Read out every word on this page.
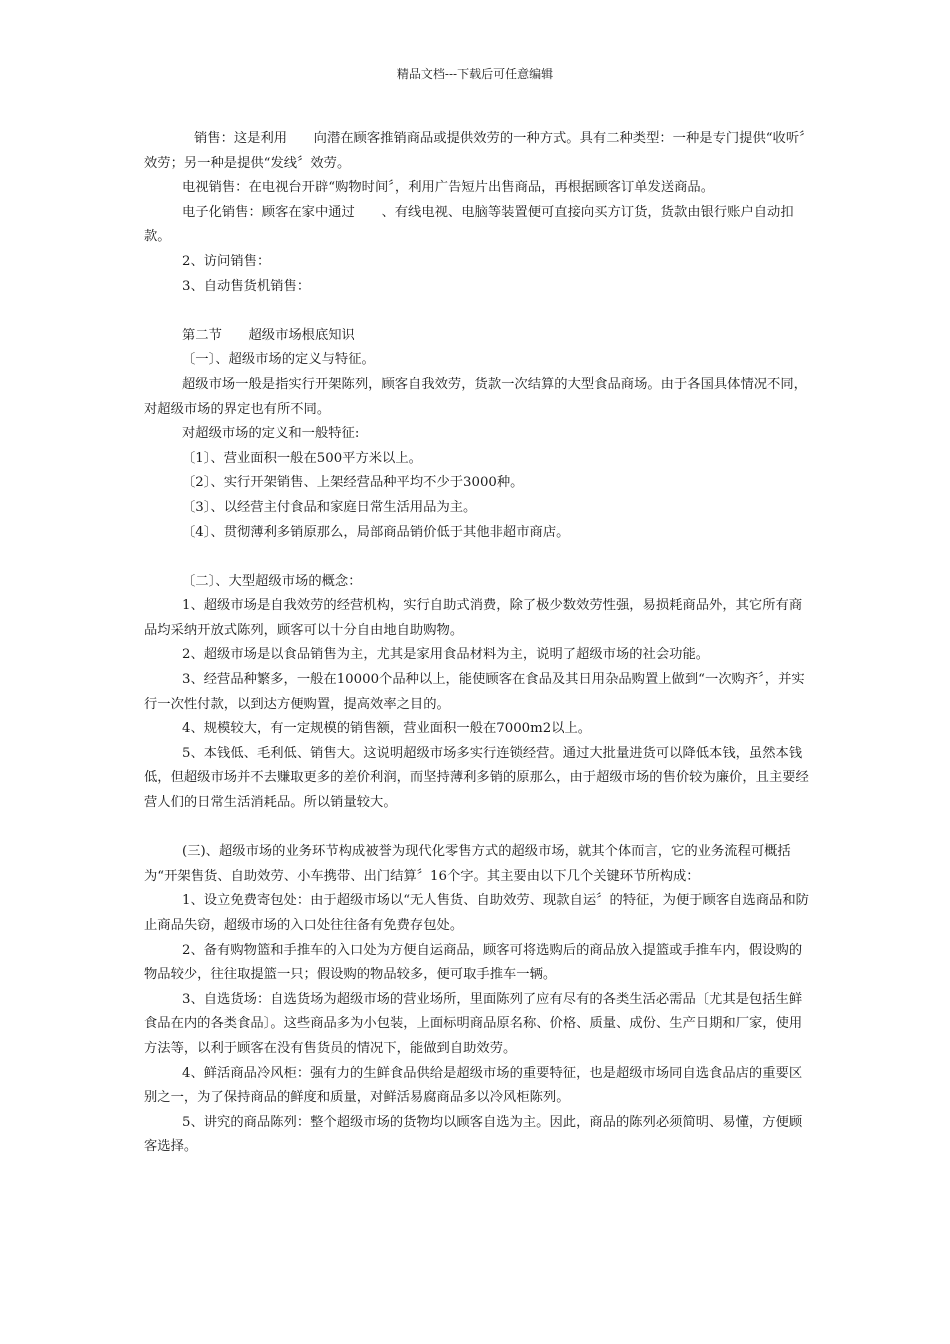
精品文档---下载后可任意编辑

销售：这是利用　　向潜在顾客推销商品或提供效劳的一种方式。具有二种类型：一种是专门提供“收听〞效劳；另一种是提供“发线〞效劳。

电视销售：在电视台开辟“购物时间〞，利用广告短片出售商品，再根据顾客订单发送商品。

电子化销售：顾客在家中通过　　、有线电视、电脑等装置便可直接向买方订货，货款由银行账户自动扣款。

2、访问销售：

3、自动售货机销售：

第二节　　超级市场根底知识

〔一〕、超级市场的定义与特征。

超级市场一般是指实行开架陈列，顾客自我效劳，货款一次结算的大型食品商场。由于各国具体情况不同，对超级市场的界定也有所不同。

对超级市场的定义和一般特征:

〔1〕、营业面积一般在500平方米以上。

〔2〕、实行开架销售、上架经营品种平均不少于3000种。

〔3〕、以经营主付食品和家庭日常生活用品为主。

〔4〕、贯彻薄利多销原那么，局部商品销价低于其他非超市商店。

〔二〕、大型超级市场的概念：

1、超级市场是自我效劳的经营机构，实行自助式消费，除了极少数效劳性强，易损耗商品外，其它所有商品均采纳开放式陈列，顾客可以十分自由地自助购物。

2、超级市场是以食品销售为主，尤其是家用食品材料为主，说明了超级市场的社会功能。

3、经营品种繁多，一般在10000个品种以上，能使顾客在食品及其日用杂品购置上做到“一次购齐〞，并实行一次性付款，以到达方便购置，提高效率之目的。

4、规模较大，有一定规模的销售额，营业面积一般在7000m2以上。

5、本钱低、毛利低、销售大。这说明超级市场多实行连锁经营。通过大批量进货可以降低本钱，虽然本钱低，但超级市场并不去赚取更多的差价利润，而坚持薄利多销的原那么，由于超级市场的售价较为廉价，且主要经营人们的日常生活消耗品。所以销量较大。

(三)、超级市场的业务环节构成被誉为现代化零售方式的超级市场，就其个体而言，它的业务流程可概括为“开架售货、自助效劳、小车携带、出门结算〞16个字。其主要由以下几个关键环节所构成：

1、设立免费寄包处：由于超级市场以“无人售货、自助效劳、现款自运〞的特征，为便于顾客自选商品和防止商品失窃，超级市场的入口处往往备有免费存包处。

2、备有购物篮和手推车的入口处为方便自运商品，顾客可将选购后的商品放入提篮或手推车内，假设购的物品较少，往往取提篮一只；假设购的物品较多，便可取手推车一辆。

3、自选货场：自选货场为超级市场的营业场所，里面陈列了应有尽有的各类生活必需品〔尤其是包括生鲜食品在内的各类食品〕。这些商品多为小包装，上面标明商品原名称、价格、质量、成份、生产日期和厂家，使用方法等，以利于顾客在没有售货员的情况下，能做到自助效劳。

4、鲜活商品冷风柜：强有力的生鲜食品供给是超级市场的重要特征，也是超级市场同自选食品店的重要区别之一，为了保持商品的鲜度和质量，对鲜活易腐商品多以冷风柜陈列。

5、讲究的商品陈列：整个超级市场的货物均以顾客自选为主。因此，商品的陈列必须简明、易懂，方便顾客选择。
